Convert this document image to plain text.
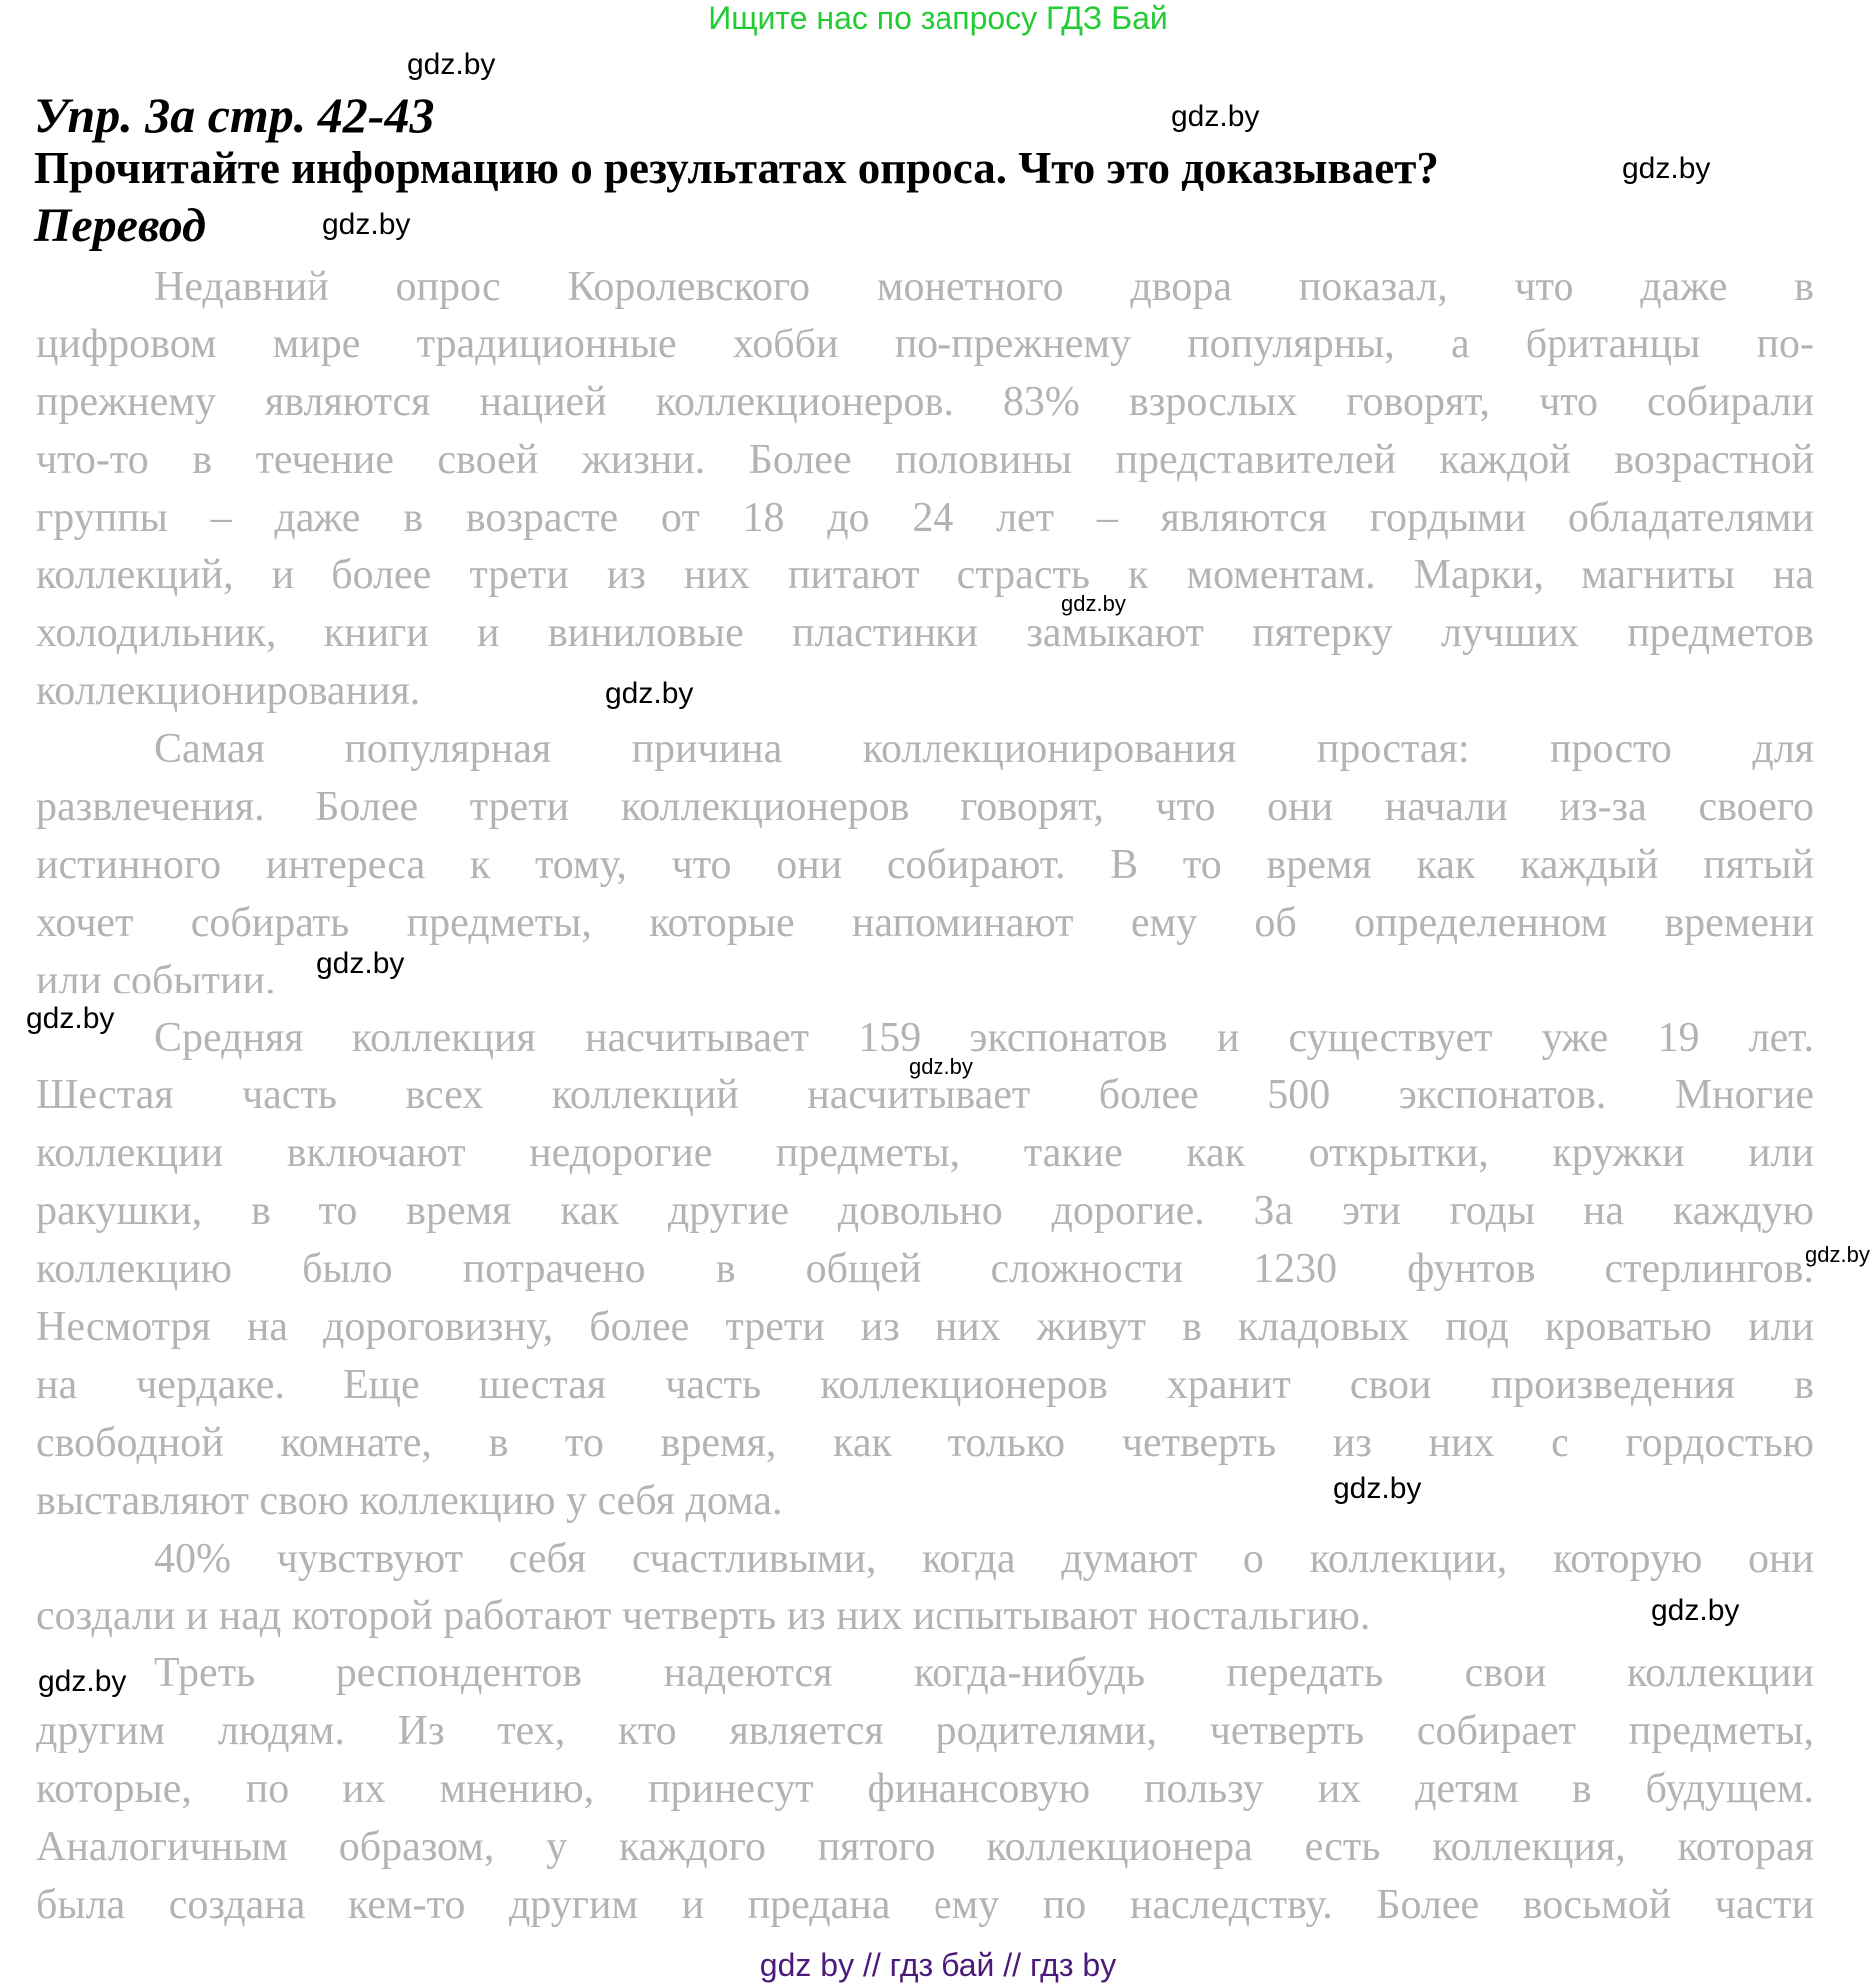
Ищите нас по запросу ГДЗ Бай
Упр. 3а стр. 42-43
Прочитайте информацию о результатах опроса. Что это доказывает?
Перевод
Недавний опрос Королевского монетного двора показал, что даже в
цифровом мире традиционные хобби по-прежнему популярны, а британцы по-
прежнему являются нацией коллекционеров. 83% взрослых говорят, что собирали
что-то в течение своей жизни. Более половины представителей каждой возрастной
группы – даже в возрасте от 18 до 24 лет – являются гордыми обладателями
коллекций, и более трети из них питают страсть к моментам. Марки, магниты на
холодильник, книги и виниловые пластинки замыкают пятерку лучших предметов
коллекционирования.
Самая популярная причина коллекционирования простая: просто для
развлечения. Более трети коллекционеров говорят, что они начали из-за своего
истинного интереса к тому, что они собирают. В то время как каждый пятый
хочет собирать предметы, которые напоминают ему об определенном времени
или событии.
Средняя коллекция насчитывает 159 экспонатов и существует уже 19 лет.
Шестая часть всех коллекций насчитывает более 500 экспонатов. Многие
коллекции включают недорогие предметы, такие как открытки, кружки или
ракушки, в то время как другие довольно дорогие. За эти годы на каждую
коллекцию было потрачено в общей сложности 1230 фунтов стерлингов.
Несмотря на дороговизну, более трети из них живут в кладовых под кроватью или
на чердаке. Еще шестая часть коллекционеров хранит свои произведения в
свободной комнате, в то время, как только четверть из них с гордостью
выставляют свою коллекцию у себя дома.
40% чувствуют себя счастливыми, когда думают о коллекции, которую они
создали и над которой работают четверть из них испытывают ностальгию.
Треть респондентов надеются когда-нибудь передать свои коллекции
другим людям. Из тех, кто является родителями, четверть собирает предметы,
которые, по их мнению, принесут финансовую пользу их детям в будущем.
Аналогичным образом, у каждого пятого коллекционера есть коллекция, которая
была создана кем-то другим и предана ему по наследству. Более восьмой части
gdz.by
gdz.by
gdz.by
gdz.by
gdz.by
gdz.by
gdz.by
gdz.by
gdz.by
gdz.by
gdz.by
gdz.by
gdz.by
gdz by // гдз бай // гдз by
